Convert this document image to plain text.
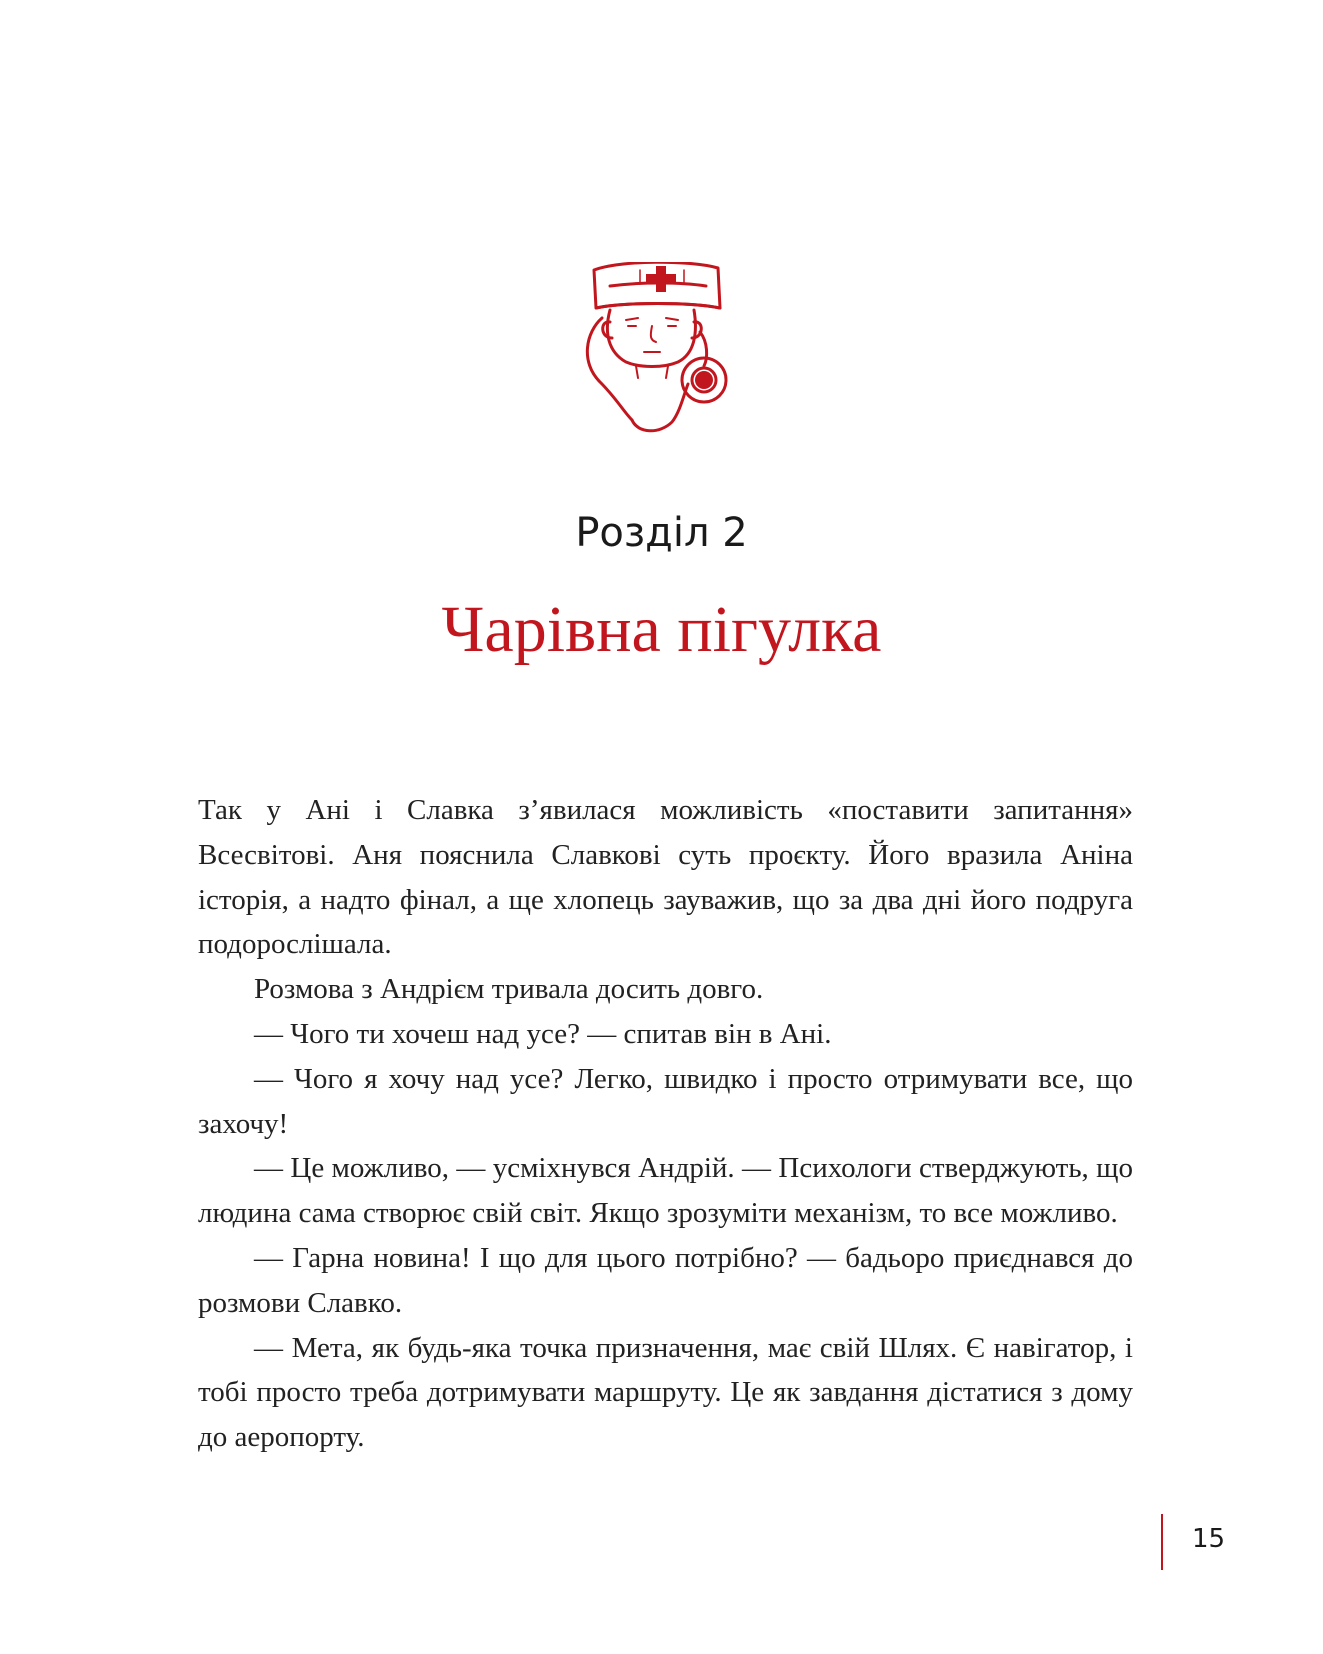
Розділ 2
Чарівна пігулка

Так у Ані і Славка з’явилася можливість «поставити запитання» Всесвітові. Аня пояснила Славкові суть проєкту. Його вразила Аніна історія, а надто фінал, а ще хлопець зауважив, що за два дні його подруга подорослішала.

Розмова з Андрієм тривала досить довго.

— Чого ти хочеш над усе? — спитав він в Ані.

— Чого я хочу над усе? Легко, швидко і просто отримувати все, що захочу!

— Це можливо, — усміхнувся Андрій. — Психологи стверджують, що людина сама створює свій світ. Якщо зрозуміти механізм, то все можливо.

— Гарна новина! І що для цього потрібно? — бадьоро приєднався до розмови Славко.

— Мета, як будь-яка точка призначення, має свій Шлях. Є навігатор, і тобі просто треба дотримувати маршруту. Це як завдання дістатися з дому до аеропорту.

15
